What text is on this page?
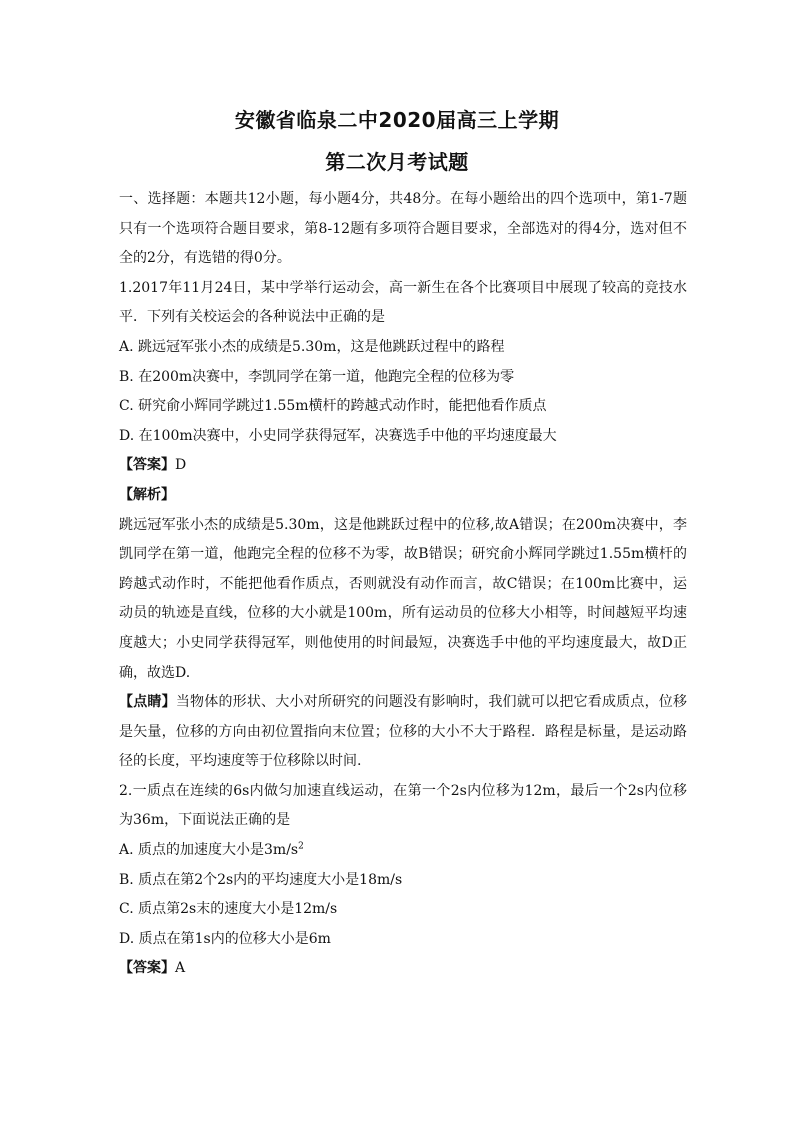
安徽省临泉二中2020届高三上学期
第二次月考试题

一、选择题：本题共12小题，每小题4分，共48分。在每小题给出的四个选项中，第1-7题只有一个选项符合题目要求，第8-12题有多项符合题目要求，全部选对的得4分，选对但不全的2分，有选错的得0分。

1.2017年11月24日，某中学举行运动会，高一新生在各个比赛项目中展现了较高的竞技水平．下列有关校运会的各种说法中正确的是

A. 跳远冠军张小杰的成绩是5.30m，这是他跳跃过程中的路程

B. 在200m决赛中，李凯同学在第一道，他跑完全程的位移为零

C. 研究俞小辉同学跳过1.55m横杆的跨越式动作时，能把他看作质点

D. 在100m决赛中，小史同学获得冠军，决赛选手中他的平均速度最大

【答案】D

【解析】

跳远冠军张小杰的成绩是5.30m，这是他跳跃过程中的位移,故A错误；在200m决赛中，李凯同学在第一道，他跑完全程的位移不为零，故B错误；研究俞小辉同学跳过1.55m横杆的跨越式动作时，不能把他看作质点，否则就没有动作而言，故C错误；在100m比赛中，运动员的轨迹是直线，位移的大小就是100m，所有运动员的位移大小相等，时间越短平均速度越大；小史同学获得冠军，则他使用的时间最短，决赛选手中他的平均速度最大，故D正确，故选D.

【点睛】当物体的形状、大小对所研究的问题没有影响时，我们就可以把它看成质点，位移是矢量，位移的方向由初位置指向末位置；位移的大小不大于路程．路程是标量，是运动路径的长度，平均速度等于位移除以时间.

2.一质点在连续的6s内做匀加速直线运动，在第一个2s内位移为12m，最后一个2s内位移为36m，下面说法正确的是

A. 质点的加速度大小是$3m/s^2$

B. 质点在第2个2s内的平均速度大小是18m/s

C. 质点第2s末的速度大小是12m/s

D. 质点在第1s内的位移大小是6m

【答案】A
